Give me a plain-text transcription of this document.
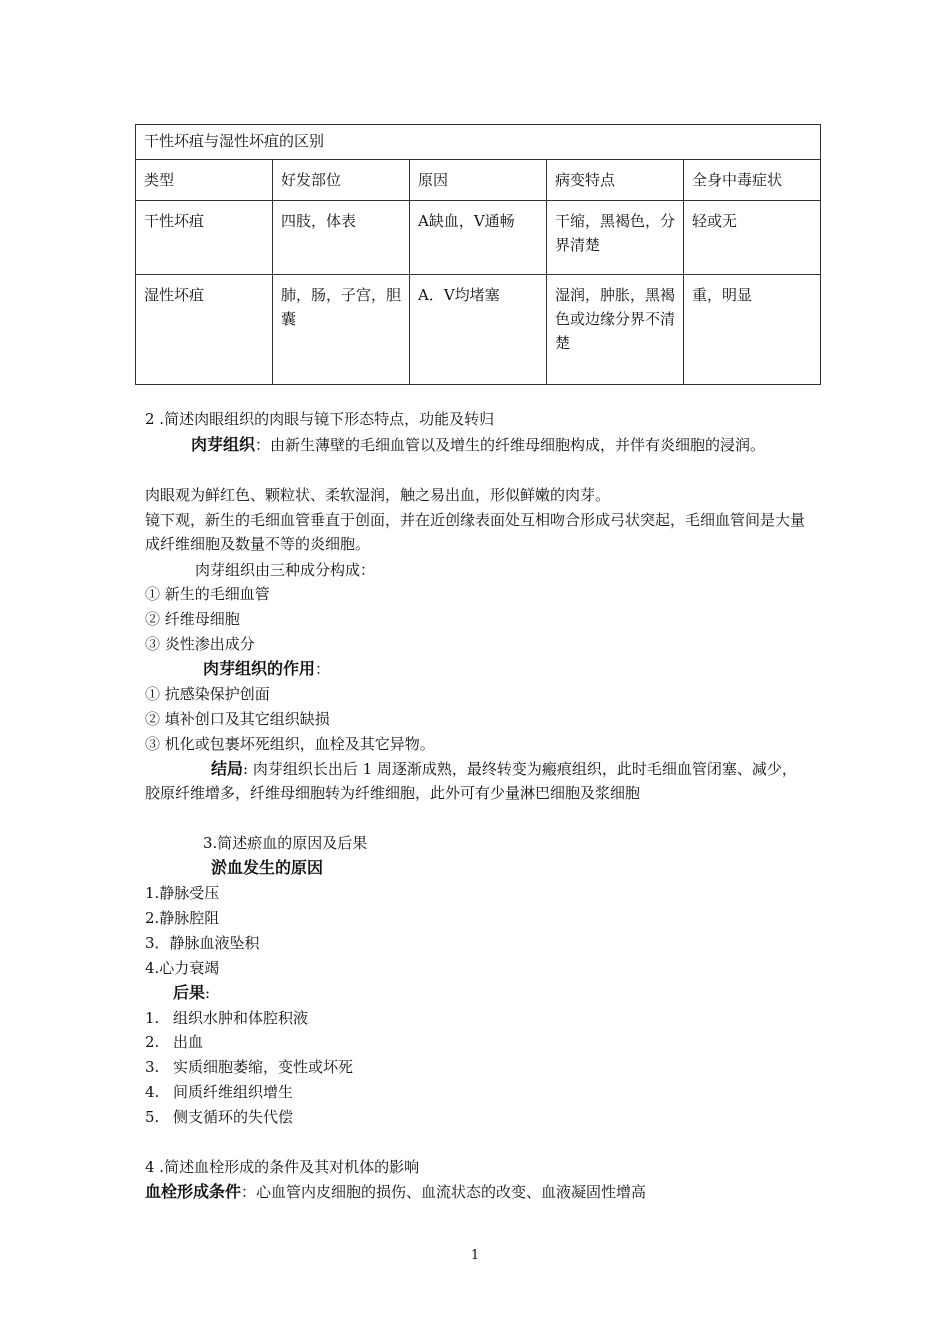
干性坏疽与湿性坏疽的区别				
类型	好发部位	原因	病变特点	全身中毒症状
干性坏疽	四肢，体表	A缺血，V通畅	干缩，黑褐色，分界清楚	轻或无
湿性坏疽	肺，肠，子宫，胆囊	A．V均堵塞	湿润，肿胀，黑褐色或边缘分界不清楚	重，明显
2 .简述肉眼组织的肉眼与镜下形态特点，功能及转归
肉芽组织：由新生薄壁的毛细血管以及增生的纤维母细胞构成，并伴有炎细胞的浸润。
肉眼观为鲜红色、颗粒状、柔软湿润，触之易出血，形似鲜嫩的肉芽。
镜下观，新生的毛细血管垂直于创面，并在近创缘表面处互相吻合形成弓状突起，毛细血管间是大量成纤维细胞及数量不等的炎细胞。
肉芽组织由三种成分构成：
① 新生的毛细血管
② 纤维母细胞
③ 炎性渗出成分
肉芽组织的作用：
① 抗感染保护创面
② 填补创口及其它组织缺损
③ 机化或包裹坏死组织，血栓及其它异物。
结局: 肉芽组织长出后 1 周逐渐成熟，最终转变为瘢痕组织，此时毛细血管闭塞、减少，胶原纤维增多，纤维母细胞转为纤维细胞，此外可有少量淋巴细胞及浆细胞
3.简述瘀血的原因及后果
淤血发生的原因
1.静脉受压
2.静脉腔阻
3．静脉血液坠积
4.心力衰竭
后果:
1. 组织水肿和体腔积液
2. 出血
3. 实质细胞萎缩，变性或坏死
4. 间质纤维组织增生
5. 侧支循环的失代偿
4 .简述血栓形成的条件及其对机体的影响
血栓形成条件：心血管内皮细胞的损伤、血流状态的改变、血液凝固性增高
1
